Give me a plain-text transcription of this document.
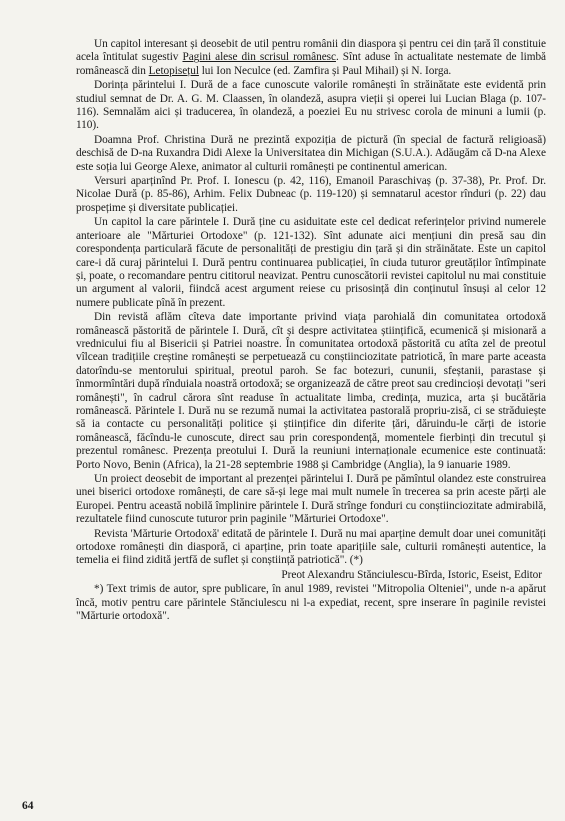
Un capitol interesant și deosebit de util pentru românii din diaspora și pentru cei din țară îl constituie acela întitulat sugestiv Pagini alese din scrisul românesc. Sînt aduse în actualitate nestemate de limbă românească din Letopisețul lui Ion Neculce (ed. Zamfira și Paul Mihail) și N. Iorga.

Dorința părintelui I. Dură de a face cunoscute valorile românești în străinătate este evidentă prin studiul semnat de Dr. A. G. M. Claassen, în olandeză, asupra vieții și operei lui Lucian Blaga (p. 107-116). Semnalăm aici și traducerea, în olandeză, a poeziei Eu nu strivesc corola de minuni a lumii (p. 110).

Doamna Prof. Christina Dură ne prezintă expoziția de pictură (în special de factură religioasă) deschisă de D-na Ruxandra Didi Alexe la Universitatea din Michigan (S.U.A.). Adăugăm că D-na Alexe este soția lui George Alexe, animator al culturii românești pe continentul american.

Versuri aparținînd Pr. Prof. I. Ionescu (p. 42, 116), Emanoil Paraschivaș (p. 37-38), Pr. Prof. Dr. Nicolae Dură (p. 85-86), Arhim. Felix Dubneac (p. 119-120) și semnatarul acestor rînduri (p. 22) dau prospețime și diversitate publicației.

Un capitol la care părintele I. Dură ține cu asiduitate este cel dedicat referințelor privind numerele anterioare ale "Mărturiei Ortodoxe" (p. 121-132). Sînt adunate aici mențiuni din presă sau din corespondența particulară făcute de personalități de prestigiu din țară și din străinătate. Este un capitol care-i dă curaj părintelui I. Dură pentru continuarea publicației, în ciuda tuturor greutăților întîmpinate și, poate, o recomandare pentru cititorul neavizat. Pentru cunoscătorii revistei capitolul nu mai constituie un argument al valorii, fiindcă acest argument reiese cu prisosință din conținutul însuși al celor 12 numere publicate pînă în prezent.

Din revistă aflăm cîteva date importante privind viața parohială din comunitatea ortodoxă românească păstorită de părintele I. Dură, cît și despre activitatea științifică, ecumenică și misionară a vrednicului fiu al Bisericii și Patriei noastre. În comunitatea ortodoxă păstorită cu atîta zel de preotul vîlcean tradițiile creștine românești se perpetuează cu conștiinciozitate patriotică, în mare parte aceasta datorîndu-se mentorului spiritual, preotul paroh. Se fac botezuri, cununii, sfeștanii, parastase și înmormîntări după rînduiala noastră ortodoxă; se organizează de către preot sau credincioși devotați "seri românești", în cadrul cărora sînt readuse în actualitate limba, credința, muzica, arta și bucătăria românească. Părintele I. Dură nu se rezumă numai la activitatea pastorală propriu-zisă, ci se străduiește să ia contacte cu personalități politice și științifice din diferite țări, dăruindu-le cărți de istorie românească, făcîndu-le cunoscute, direct sau prin corespondență, momentele fierbinți din trecutul și prezentul românesc. Prezența preotului I. Dură la reuniuni internaționale ecumenice este continuată: Porto Novo, Benin (Africa), la 21-28 septembrie 1988 și Cambridge (Anglia), la 9 ianuarie 1989.

Un proiect deosebit de important al prezenței părintelui I. Dură pe pămîntul olandez este construirea unei biserici ortodoxe românești, de care să-și lege mai mult numele în trecerea sa prin aceste părți ale Europei. Pentru această nobilă împlinire părintele I. Dură strînge fonduri cu conștiinciozitate admirabilă, rezultatele fiind cunoscute tuturor prin paginile "Mărturiei Ortodoxe".

Revista 'Mărturie Ortodoxă' editată de părintele I. Dură nu mai aparține demult doar unei comunități ortodoxe românești din diasporă, ci aparține, prin toate aparițiile sale, culturii românești autentice, la temelia ei fiind zidită jertfă de suflet și conștiință patriotică". (*)

Preot Alexandru Stănciulescu-Bîrda, Istoric, Eseist, Editor

*) Text trimis de autor, spre publicare, în anul 1989, revistei "Mitropolia Olteniei", unde n-a apărut încă, motiv pentru care părintele Stănciulescu ni l-a expediat, recent, spre inserare în paginile revistei "Mărturie ortodoxă".

64
